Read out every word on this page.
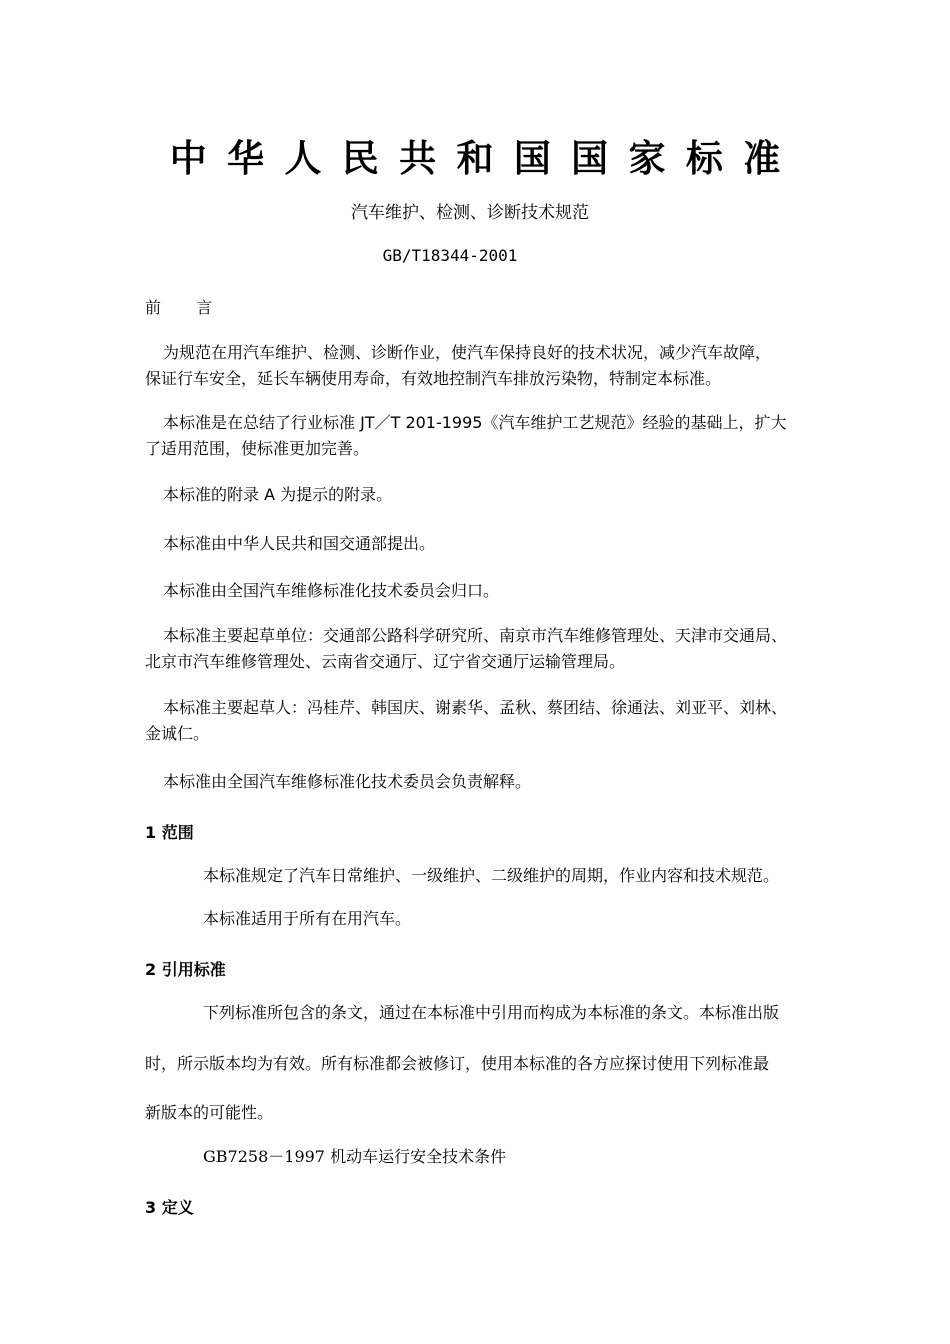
中华人民共和国国家标准
汽车维护、检测、诊断技术规范
GB/T18344-2001
前言
为规范在用汽车维护、检测、诊断作业，使汽车保持良好的技术状况，减少汽车故障，
保证行车安全，延长车辆使用寿命，有效地控制汽车排放污染物，特制定本标准。
本标准是在总结了行业标准 JT／T 201-1995《汽车维护工艺规范》经验的基础上，扩大
了适用范围，使标准更加完善。
本标准的附录 A 为提示的附录。
本标准由中华人民共和国交通部提出。
本标准由全国汽车维修标准化技术委员会归口。
本标准主要起草单位：交通部公路科学研究所、南京市汽车维修管理处、天津市交通局、
北京市汽车维修管理处、云南省交通厅、辽宁省交通厅运输管理局。
本标准主要起草人：冯桂芹、韩国庆、谢素华、孟秋、蔡团结、徐通法、刘亚平、刘林、
金诚仁。
本标准由全国汽车维修标准化技术委员会负责解释。
1 范围
本标准规定了汽车日常维护、一级维护、二级维护的周期，作业内容和技术规范。
本标准适用于所有在用汽车。
2 引用标准
下列标准所包含的条文，通过在本标准中引用而构成为本标准的条文。本标准出版
时，所示版本均为有效。所有标准都会被修订，使用本标准的各方应探讨使用下列标准最
新版本的可能性。
GB7258－1997 机动车运行安全技术条件
3 定义
